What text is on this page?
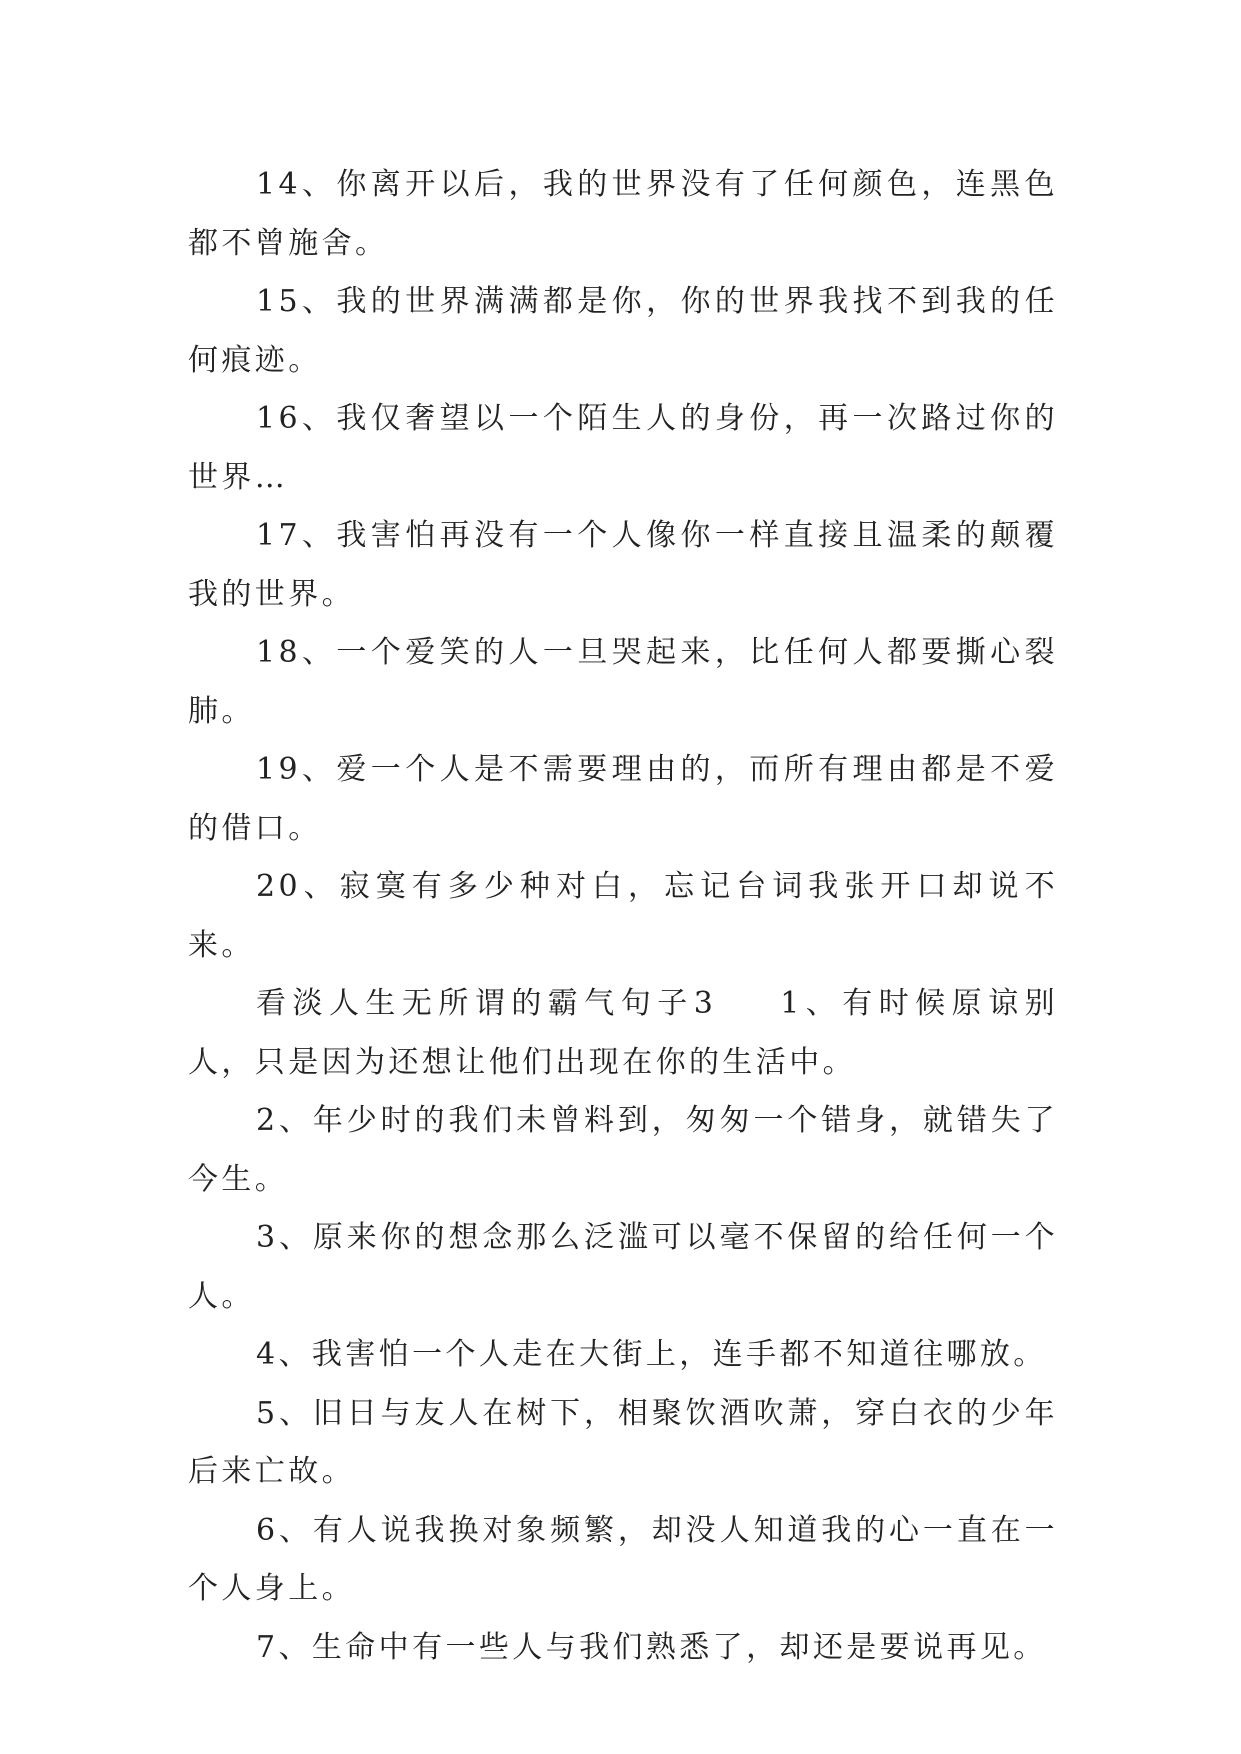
14、你离开以后，我的世界没有了任何颜色，连黑色都不曾施舍。

15、我的世界满满都是你，你的世界我找不到我的任何痕迹。

16、我仅奢望以一个陌生人的身份，再一次路过你的世界…

17、我害怕再没有一个人像你一样直接且温柔的颠覆我的世界。

18、一个爱笑的人一旦哭起来，比任何人都要撕心裂肺。

19、爱一个人是不需要理由的，而所有理由都是不爱的借口。

20、寂寞有多少种对白，忘记台词我张开口却说不来。

看淡人生无所谓的霸气句子3 1、有时候原谅别人，只是因为还想让他们出现在你的生活中。

2、年少时的我们未曾料到，匆匆一个错身，就错失了今生。

3、原来你的想念那么泛滥可以毫不保留的给任何一个人。

4、我害怕一个人走在大街上，连手都不知道往哪放。

5、旧日与友人在树下，相聚饮酒吹萧，穿白衣的少年后来亡故。

6、有人说我换对象频繁，却没人知道我的心一直在一个人身上。

7、生命中有一些人与我们熟悉了，却还是要说再见。
